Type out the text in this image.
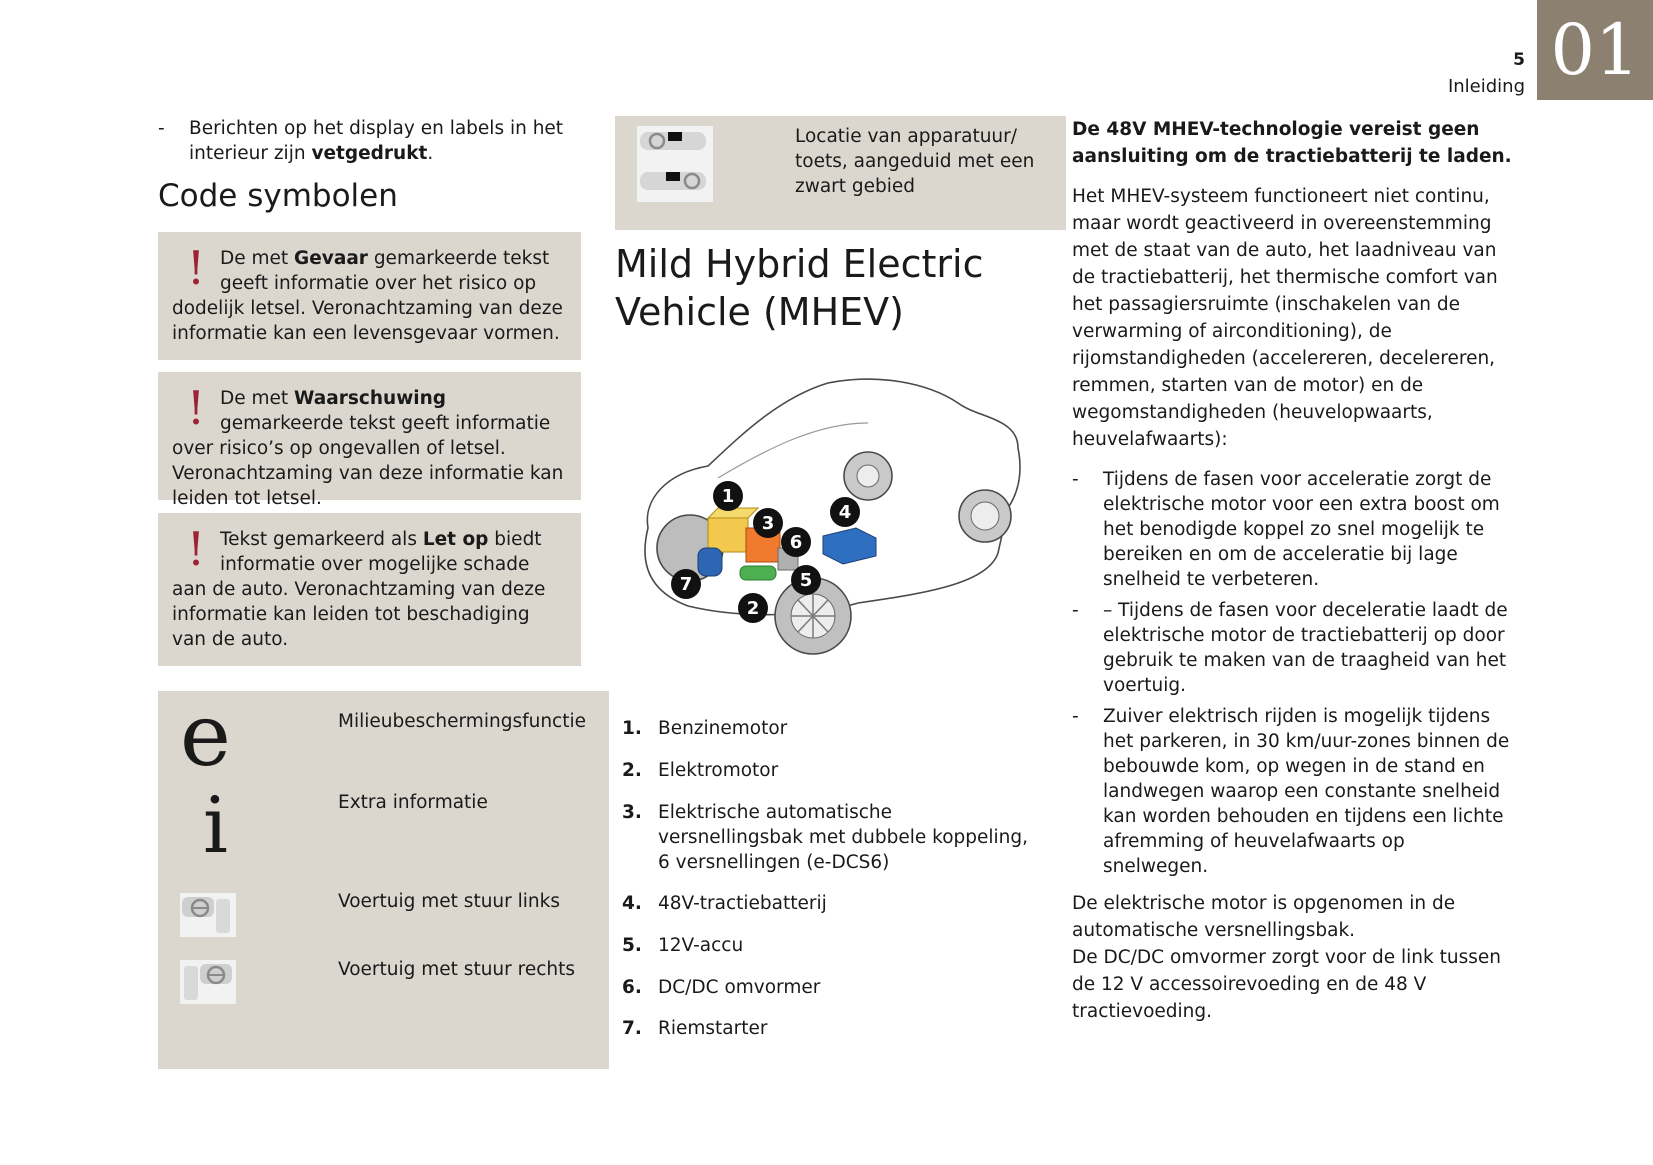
5
Inleiding 01
- Berichten op het display en labels in het interieur zijn vetgedrukt.
Code symbolen
! De met Gevaar gemarkeerde tekst geeft informatie over het risico op dodelijk letsel. Veronachtzaming van deze informatie kan een levensgevaar vormen.
! De met Waarschuwing gemarkeerde tekst geeft informatie over risico’s op ongevallen of letsel. Veronachtzaming van deze informatie kan leiden tot letsel.
! Tekst gemarkeerd als Let op biedt informatie over mogelijke schade aan de auto. Veronachtzaming van deze informatie kan leiden tot beschadiging van de auto.
e	Milieubeschermingsfunctie
i	Extra informatie
Voertuig met stuur links
Voertuig met stuur rechts
Locatie van apparatuur/ toets, aangeduid met een zwart gebied
Mild Hybrid Electric Vehicle (MHEV)
1
2
3
4
5
6
7
1. Benzinemotor
2. Elektromotor
3. Elektrische automatische versnellingsbak met dubbele koppeling, 6 versnellingen (e-DCS6)
4. 48V-tractiebatterij
5. 12V-accu
6. DC/DC omvormer
7. Riemstarter
De 48V MHEV-technologie vereist geen aansluiting om de tractiebatterij te laden.
Het MHEV-systeem functioneert niet continu, maar wordt geactiveerd in overeenstemming met de staat van de auto, het laadniveau van de tractiebatterij, het thermische comfort van het passagiersruimte (inschakelen van de verwarming of airconditioning), de rijomstandigheden (accelereren, decelereren, remmen, starten van de motor) en de wegomstandigheden (heuvelopwaarts, heuvelafwaarts):
- Tijdens de fasen voor acceleratie zorgt de elektrische motor voor een extra boost om het benodigde koppel zo snel mogelijk te bereiken en om de acceleratie bij lage snelheid te verbeteren.
- – Tijdens de fasen voor deceleratie laadt de elektrische motor de tractiebatterij op door gebruik te maken van de traagheid van het voertuig.
- Zuiver elektrisch rijden is mogelijk tijdens het parkeren, in 30 km/uur-zones binnen de bebouwde kom, op wegen in de stand en landwegen waarop een constante snelheid kan worden behouden en tijdens een lichte afremming of heuvelafwaarts op snelwegen.
De elektrische motor is opgenomen in de automatische versnellingsbak.
De DC/DC omvormer zorgt voor de link tussen de 12 V accessoirevoeding en de 48 V tractievoeding.
